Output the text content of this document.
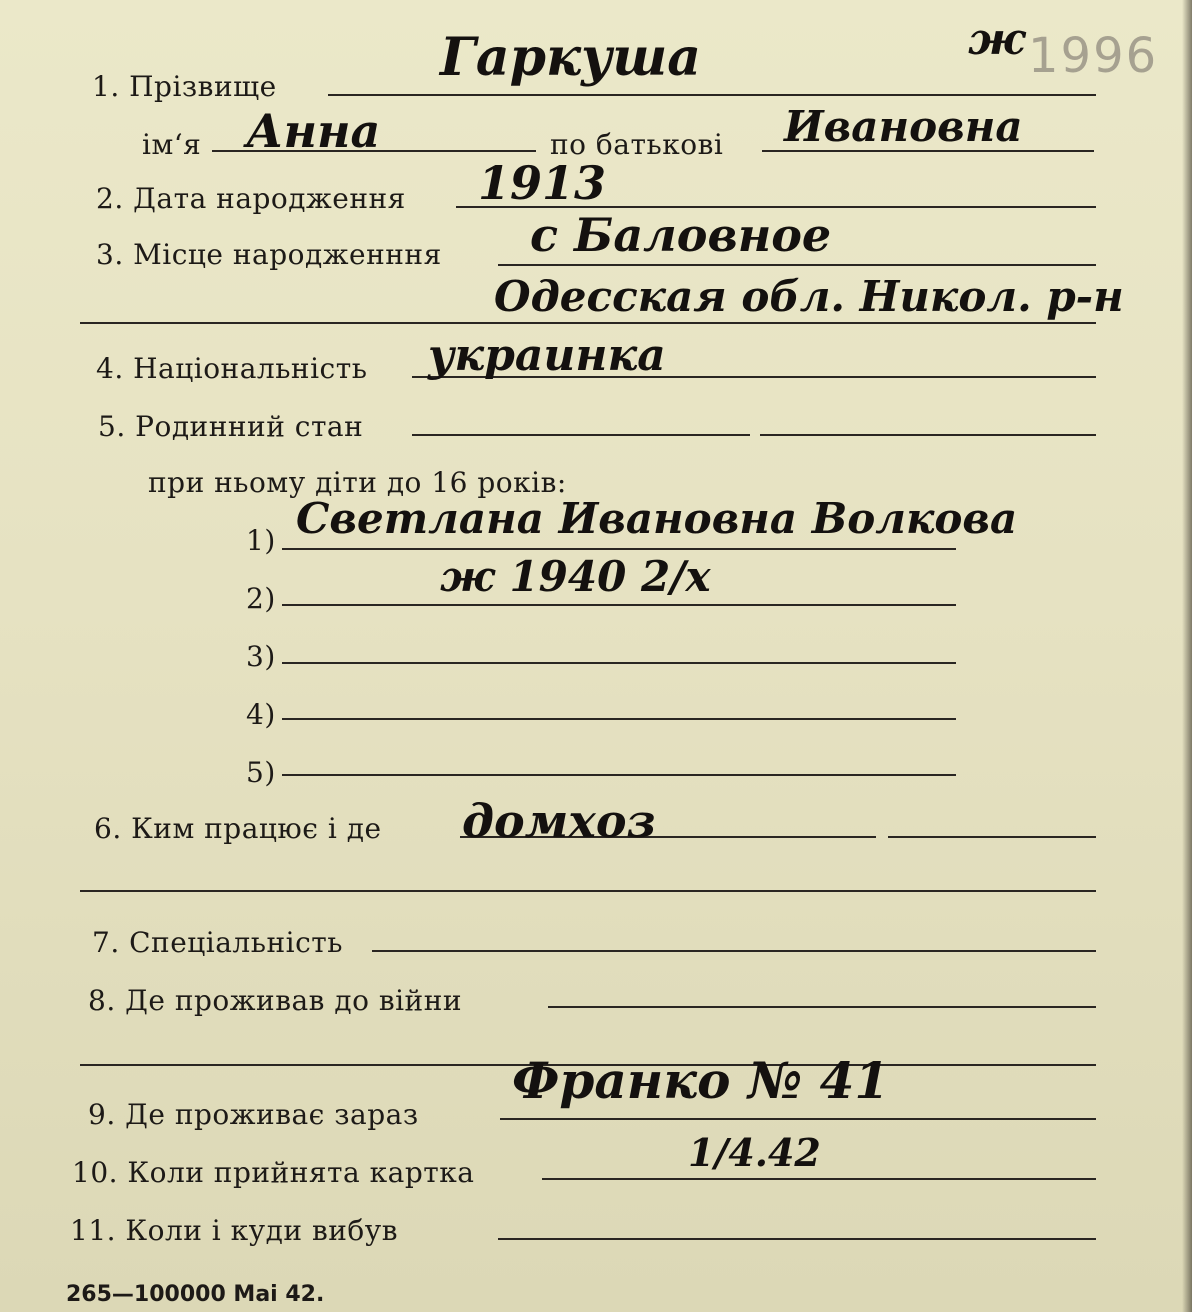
ж 1996
1. Прізвище	Гаркуша
ім‘я Анна	по батькові Ивановна
2. Дата народження 1913
3. Місце народженння с Баловное
Одесская обл. Никол. р-н
4. Національність украинка
5. Родинний стан
при ньому діти до 16 років:
1) Светлана Ивановна Волкова
2)	ж 1940 2/х
3)
4)
5)
6. Ким працює і де домхоз
7. Спеціальність
8. Де проживав до війни
9. Де проживає зараз
Франко № 41
10. Коли прийнята картка	1/4.42
11. Коли і куди вибув
265—100000 Mai 42.
